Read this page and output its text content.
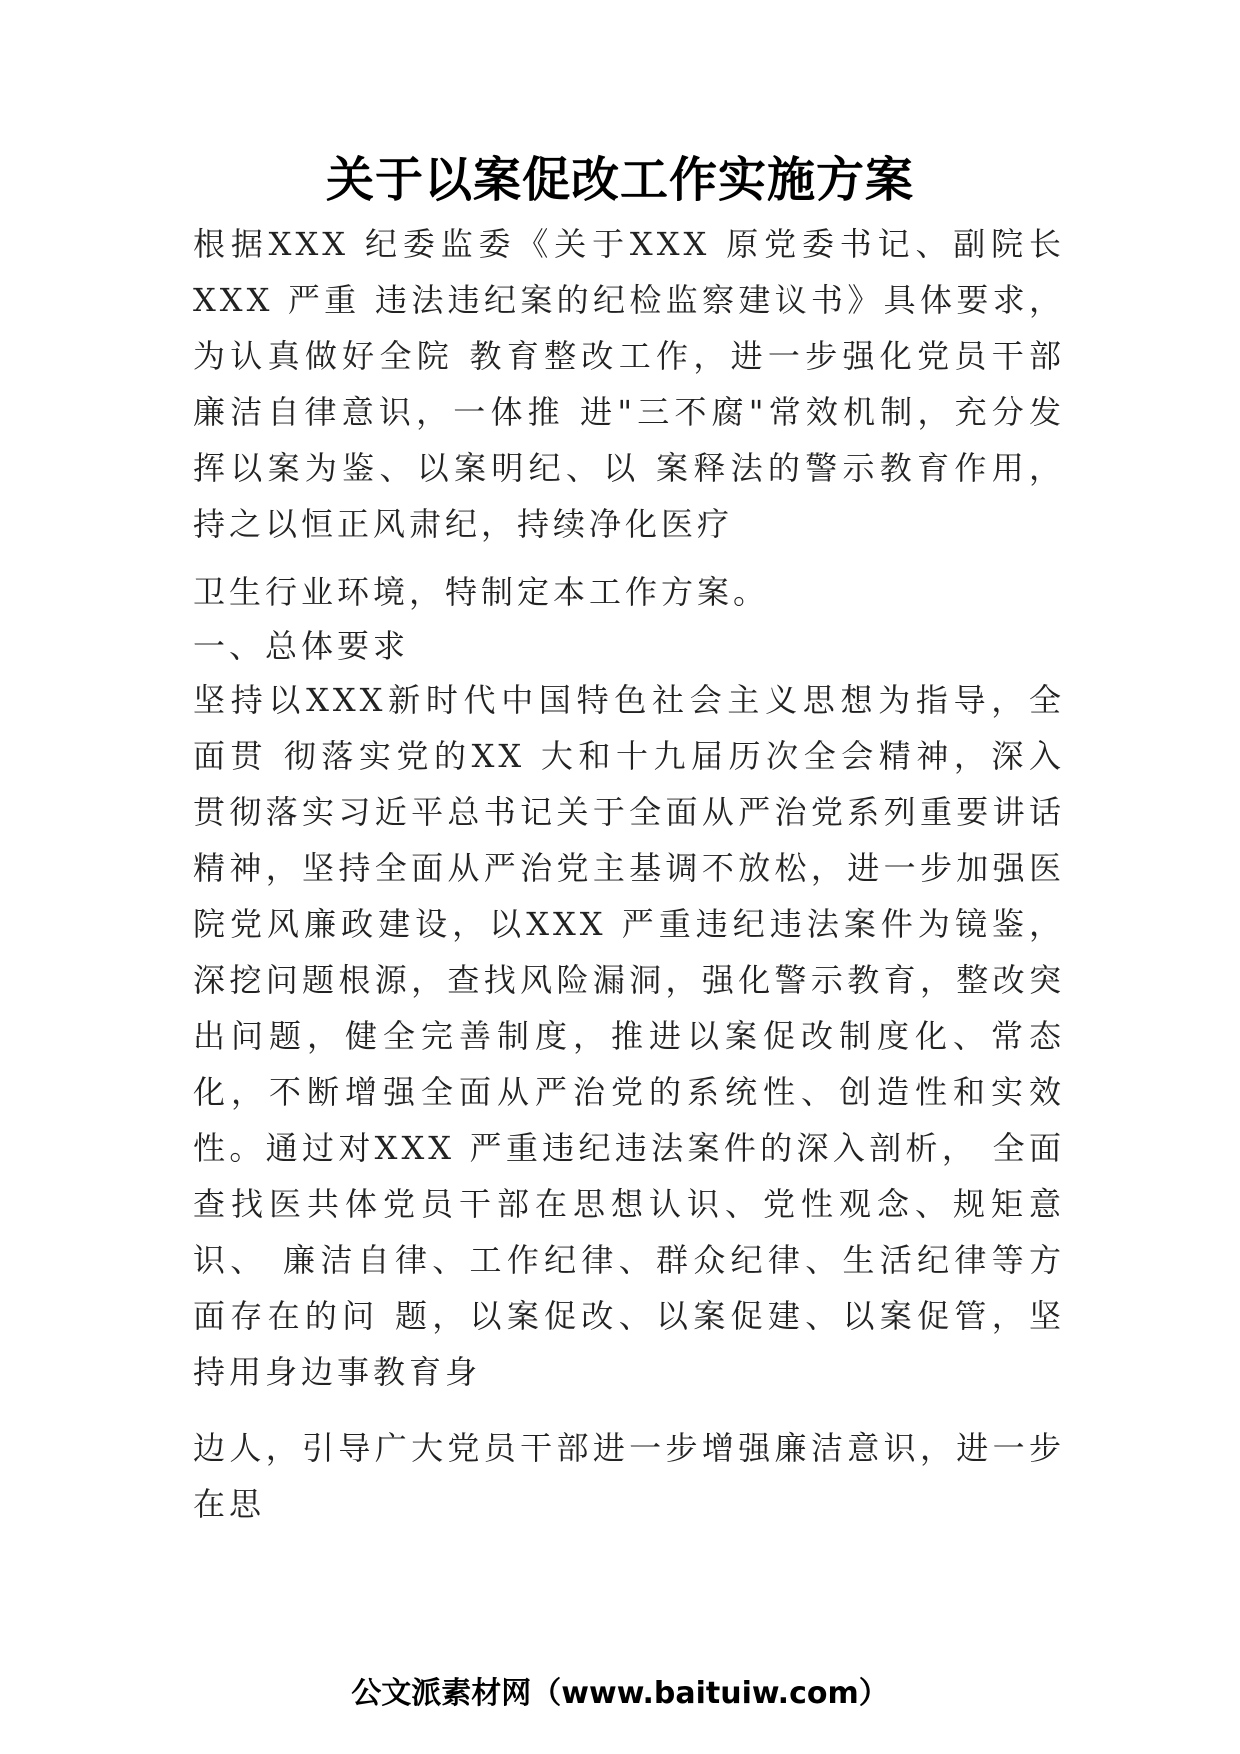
关于以案促改工作实施方案

根据XXX 纪委监委《关于XXX 原党委书记、副院长 XXX 严重 违法违纪案的纪检监察建议书》具体要求，为认真做好全院 教育整改工作，进一步强化党员干部廉洁自律意识，一体推 进"三不腐"常效机制，充分发挥以案为鉴、以案明纪、以 案释法的警示教育作用，持之以恒正风肃纪，持续净化医疗

卫生行业环境，特制定本工作方案。

一、总体要求

坚持以XXX新时代中国特色社会主义思想为指导，全面贯 彻落实党的XX 大和十九届历次全会精神，深入贯彻落实习近平总书记关于全面从严治党系列重要讲话精神，坚持全面从严治党主基调不放松，进一步加强医院党风廉政建设，以XXX 严重违纪违法案件为镜鉴，深挖问题根源，查找风险漏洞，强化警示教育，整改突出问题，健全完善制度，推进以案促改制度化、常态化，不断增强全面从严治党的系统性、创造性和实效性。通过对XXX 严重违纪违法案件的深入剖析， 全面查找医共体党员干部在思想认识、党性观念、规矩意识、 廉洁自律、工作纪律、群众纪律、生活纪律等方面存在的问 题，以案促改、以案促建、以案促管，坚持用身边事教育身

边人，引导广大党员干部进一步增强廉洁意识，进一步在思

公文派素材网（www.baituiw.com）
